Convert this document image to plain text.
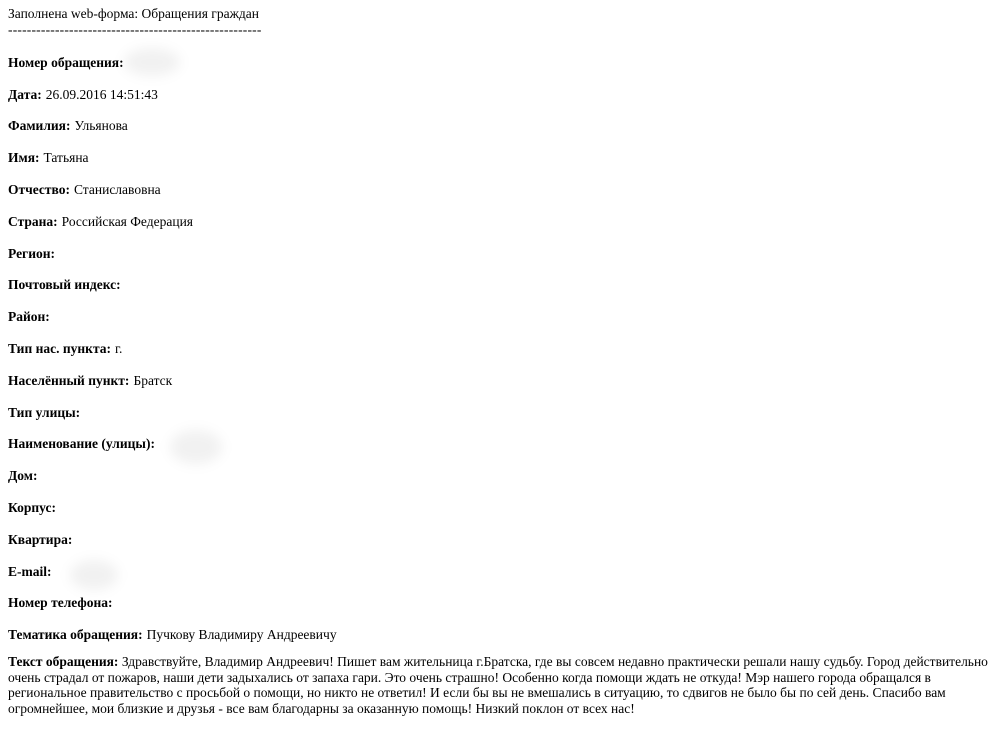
Заполнена web-форма: Обращения граждан
------------------------------------------------------
Номер обращения:
Дата: 26.09.2016 14:51:43
Фамилия: Ульянова
Имя: Татьяна
Отчество: Станиславовна
Страна: Российская Федерация
Регион:
Почтовый индекс:
Район:
Тип нас. пункта: г.
Населённый пункт: Братск
Тип улицы:
Наименование (улицы):
Дом:
Корпус:
Квартира:
E-mail:
Номер телефона:
Тематика обращения: Пучкову Владимиру Андреевичу
Текст обращения: Здравствуйте, Владимир Андреевич! Пишет вам жительница г.Братска, где вы совсем недавно практически решали нашу судьбу. Город действительно очень страдал от пожаров, наши дети задыхались от запаха гари. Это очень страшно! Особенно когда помощи ждать не откуда! Мэр нашего города обращался в региональное правительство с просьбой о помощи, но никто не ответил! И если бы вы не вмешались в ситуацию, то сдвигов не было бы по сей день. Спасибо вам огромнейшее, мои близкие и друзья - все вам благодарны за оказанную помощь! Низкий поклон от всех нас!
